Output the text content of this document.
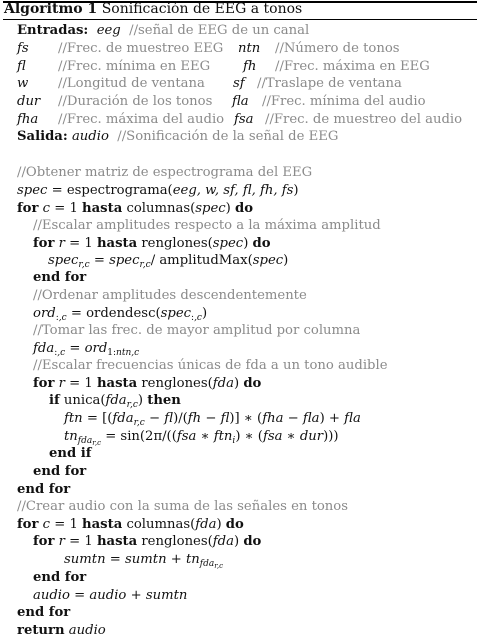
Algoritmo 1 Sonificación de EEG a tonos
Entradas: eeg //señal de EEG de un canal
fs //Frec. de muestreo EEG ntn //Número de tonos
fl //Frec. mínima en EEG fh //Frec. máxima en EEG
w //Longitud de ventana sf //Traslape de ventana
dur //Duración de los tonos fla //Frec. mínima del audio
fha //Frec. máxima del audio fsa //Frec. de muestreo del audio
Salida: audio //Sonificación de la señal de EEG
//Obtener matriz de espectrograma del EEG
spec = espectrograma(eeg, w, sf, fl, fh, fs)
for c = 1 hasta columnas(spec) do
//Escalar amplitudes respecto a la máxima amplitud
for r = 1 hasta renglones(spec) do
spec$_{r,c}$ = spec$_{r,c}$/ amplitudMax(spec)
end for
//Ordenar amplitudes descendentemente
ord$_{:,c}$ = ordendesc(spec$_{:,c}$)
//Tomar las frec. de mayor amplitud por columna
fda$_{:,c}$ = ord$_{1:ntn,c}$
//Escalar frecuencias únicas de fda a un tono audible
for r = 1 hasta renglones(fda) do
if unica(fda$_{r,c}$) then
ftn = [(fda$_{r,c}$ − fl)/(fh − fl)] ∗ (fha − fla) + fla
$tn_{fda_{r,c}} = \sin(2\pi/((fsa$ ∗ ftn$_i$) ∗ (fsa ∗ dur)))
end if
end for
end for
//Crear audio con la suma de las señales en tonos
for c = 1 hasta columnas(fda) do
for r = 1 hasta renglones(fda) do
sumtn = sumtn + $tn_{fda_{r,c}}$
end for
audio = audio + sumtn
end for
return audio
